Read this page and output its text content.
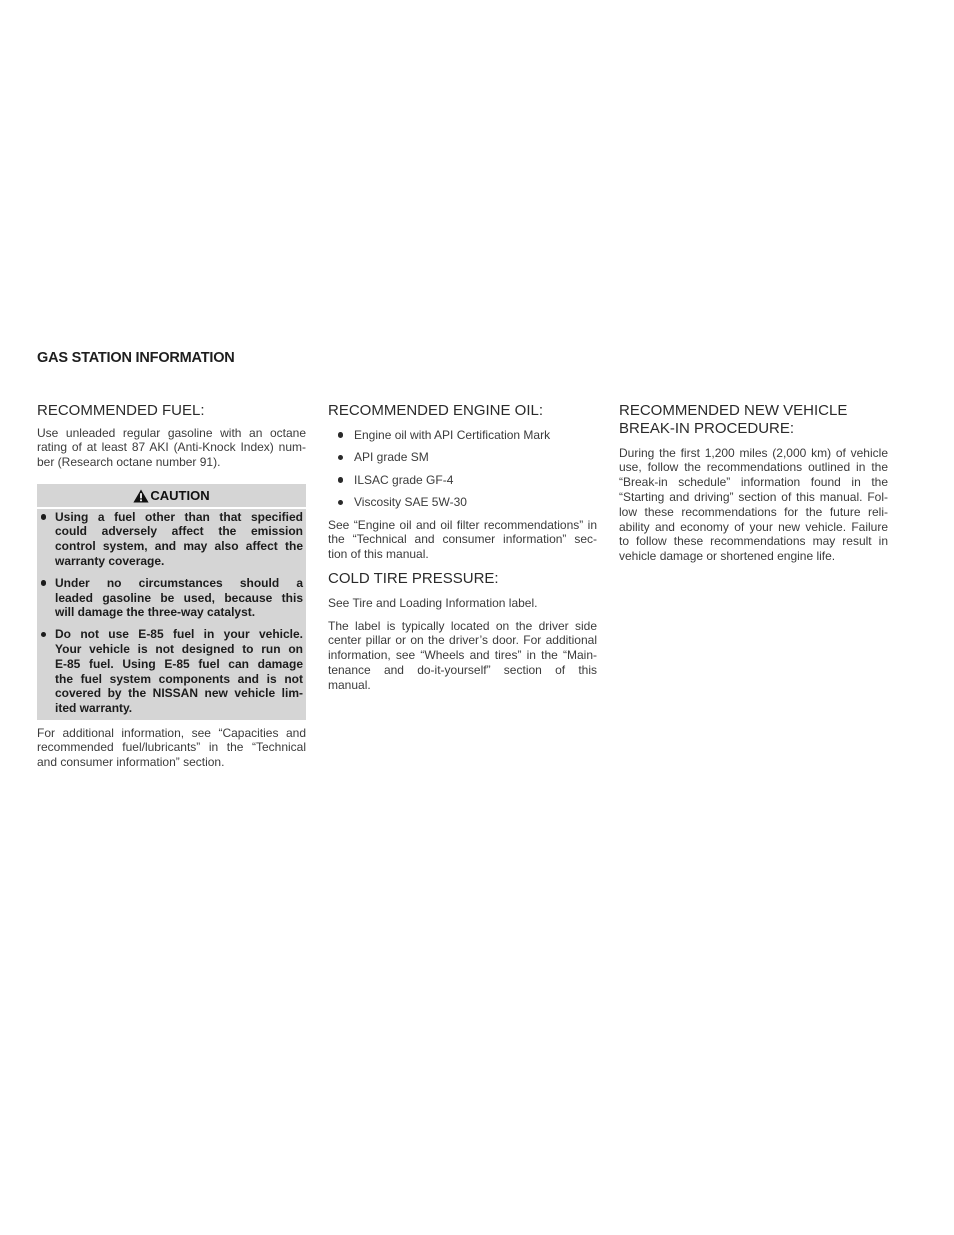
GAS STATION INFORMATION
RECOMMENDED FUEL:
Use unleaded regular gasoline with an octane
rating of at least 87 AKI (Anti-Knock Index) num-
ber (Research octane number 91).
CAUTION
Using a fuel other than that specified
could adversely affect the emission
control system, and may also affect the
warranty coverage.
Under no circumstances should a
leaded gasoline be used, because this
will damage the three-way catalyst.
Do not use E-85 fuel in your vehicle.
Your vehicle is not designed to run on
E-85 fuel. Using E-85 fuel can damage
the fuel system components and is not
covered by the NISSAN new vehicle lim-
ited warranty.
For additional information, see “Capacities and
recommended fuel/lubricants” in the “Technical
and consumer information” section.
RECOMMENDED ENGINE OIL:
Engine oil with API Certification Mark
API grade SM
ILSAC grade GF-4
Viscosity SAE 5W-30
See “Engine oil and oil filter recommendations” in
the “Technical and consumer information” sec-
tion of this manual.
COLD TIRE PRESSURE:
See Tire and Loading Information label.
The label is typically located on the driver side
center pillar or on the driver’s door. For additional
information, see “Wheels and tires” in the “Main-
tenance and do-it-yourself” section of this
manual.
RECOMMENDED NEW VEHICLE
BREAK-IN PROCEDURE:
During the first 1,200 miles (2,000 km) of vehicle
use, follow the recommendations outlined in the
“Break-in schedule” information found in the
“Starting and driving” section of this manual. Fol-
low these recommendations for the future reli-
ability and economy of your new vehicle. Failure
to follow these recommendations may result in
vehicle damage or shortened engine life.
